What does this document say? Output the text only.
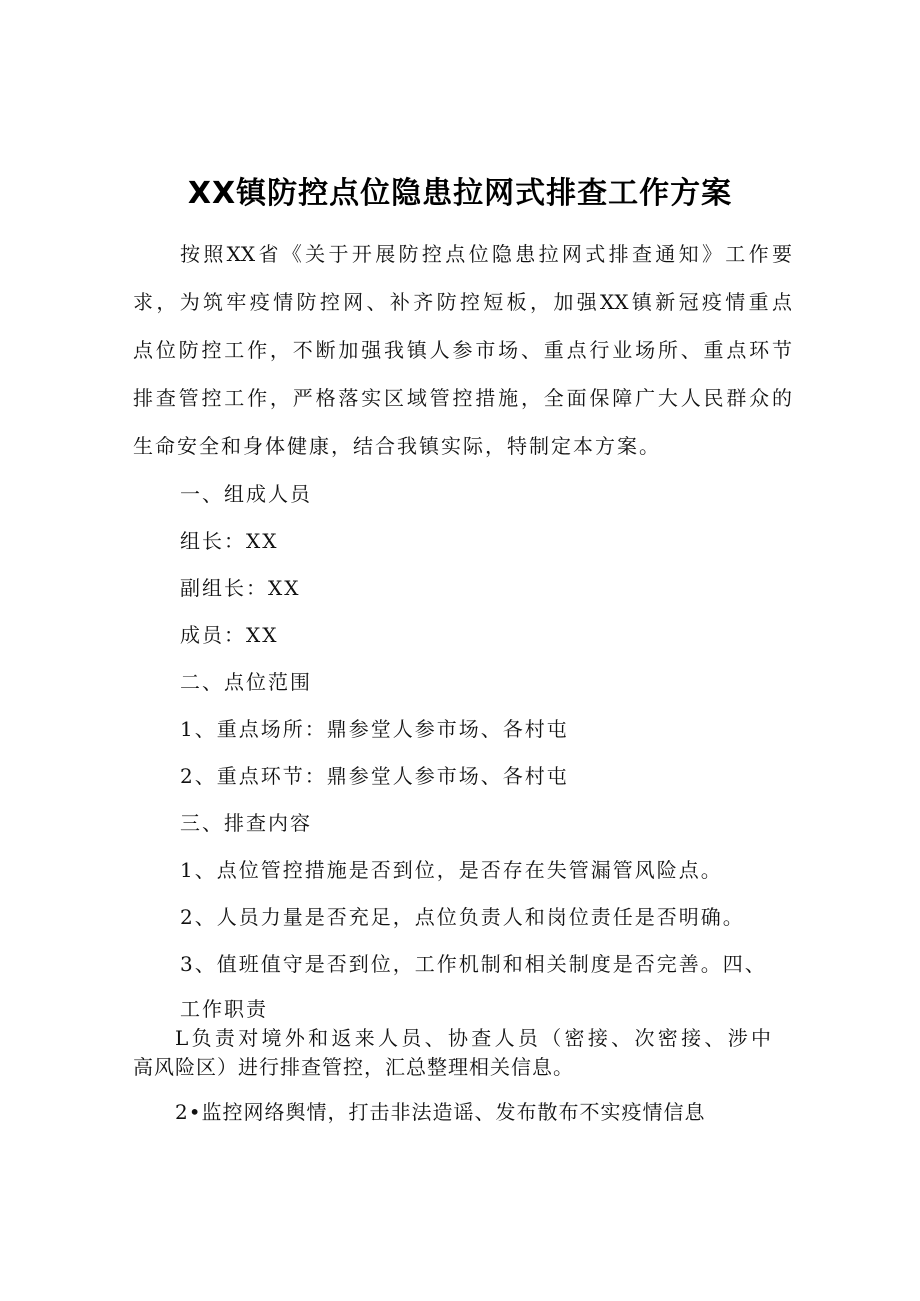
XX镇防控点位隐患拉网式排查工作方案
按照XX省《关于开展防控点位隐患拉网式排查通知》工作要
求，为筑牢疫情防控网、补齐防控短板，加强XX镇新冠疫情重点
点位防控工作，不断加强我镇人参市场、重点行业场所、重点环节
排查管控工作，严格落实区域管控措施，全面保障广大人民群众的
生命安全和身体健康，结合我镇实际，特制定本方案。
一、组成人员
组长：XX
副组长：XX
成员：XX
二、点位范围
1、重点场所：鼎参堂人参市场、各村屯
2、重点环节：鼎参堂人参市场、各村屯
三、排查内容
1、点位管控措施是否到位，是否存在失管漏管风险点。
2、人员力量是否充足，点位负责人和岗位责任是否明确。
3、值班值守是否到位，工作机制和相关制度是否完善。四、
工作职责
L负责对境外和返来人员、协查人员（密接、次密接、涉中
高风险区）进行排查管控，汇总整理相关信息。
2•监控网络舆情，打击非法造谣、发布散布不实疫情信息
